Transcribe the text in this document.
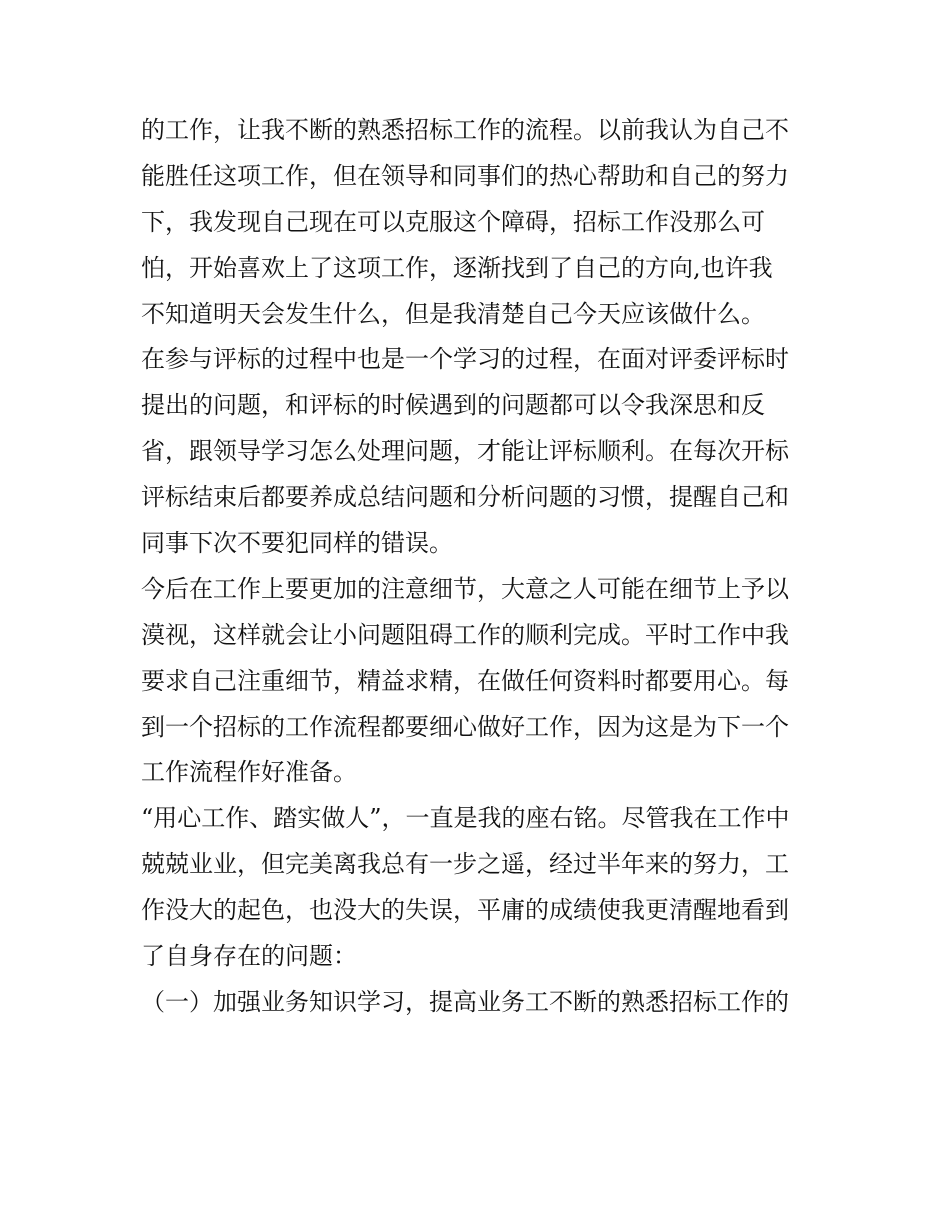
的工作，让我不断的熟悉招标工作的流程。以前我认为自己不
能胜任这项工作，但在领导和同事们的热心帮助和自己的努力
下，我发现自己现在可以克服这个障碍，招标工作没那么可
怕，开始喜欢上了这项工作，逐渐找到了自己的方向,也许我
不知道明天会发生什么，但是我清楚自己今天应该做什么。
在参与评标的过程中也是一个学习的过程，在面对评委评标时
提出的问题，和评标的时候遇到的问题都可以令我深思和反
省，跟领导学习怎么处理问题，才能让评标顺利。在每次开标
评标结束后都要养成总结问题和分析问题的习惯，提醒自己和
同事下次不要犯同样的错误。
今后在工作上要更加的注意细节，大意之人可能在细节上予以
漠视，这样就会让小问题阻碍工作的顺利完成。平时工作中我
要求自己注重细节，精益求精，在做任何资料时都要用心。每
到一个招标的工作流程都要细心做好工作，因为这是为下一个
工作流程作好准备。
“用心工作、踏实做人”，一直是我的座右铭。尽管我在工作中
兢兢业业，但完美离我总有一步之遥，经过半年来的努力，工
作没大的起色，也没大的失误，平庸的成绩使我更清醒地看到
了自身存在的问题：
（一）加强业务知识学习，提高业务工不断的熟悉招标工作的
